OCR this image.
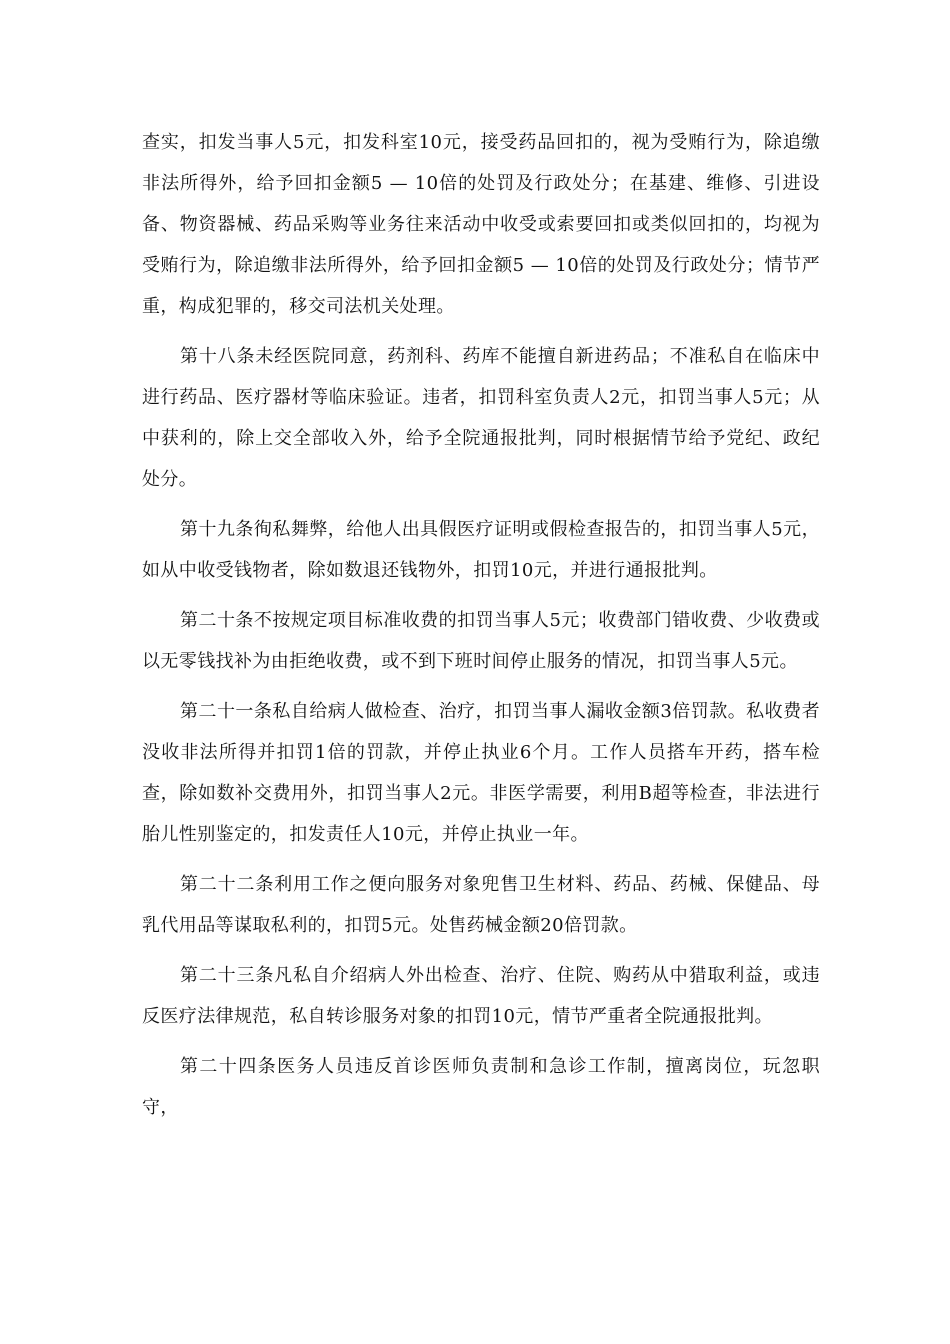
查实，扣发当事人5元，扣发科室10元，接受药品回扣的，视为受贿行为，除追缴非法所得外，给予回扣金额5 — 10倍的处罚及行政处分；在基建、维修、引进设备、物资器械、药品采购等业务往来活动中收受或索要回扣或类似回扣的，均视为受贿行为，除追缴非法所得外，给予回扣金额5 — 10倍的处罚及行政处分；情节严重，构成犯罪的，移交司法机关处理。

第十八条未经医院同意，药剂科、药库不能擅自新进药品；不准私自在临床中进行药品、医疗器材等临床验证。违者，扣罚科室负责人2元，扣罚当事人5元；从中获利的，除上交全部收入外，给予全院通报批判，同时根据情节给予党纪、政纪处分。

第十九条徇私舞弊，给他人出具假医疗证明或假检查报告的，扣罚当事人5元，如从中收受钱物者，除如数退还钱物外，扣罚10元，并进行通报批判。

第二十条不按规定项目标准收费的扣罚当事人5元；收费部门错收费、少收费或以无零钱找补为由拒绝收费，或不到下班时间停止服务的情况，扣罚当事人5元。

第二十一条私自给病人做检查、治疗，扣罚当事人漏收金额3倍罚款。私收费者没收非法所得并扣罚1倍的罚款，并停止执业6个月。工作人员搭车开药，搭车检查，除如数补交费用外，扣罚当事人2元。非医学需要，利用B超等检查，非法进行胎儿性别鉴定的，扣发责任人10元，并停止执业一年。

第二十二条利用工作之便向服务对象兜售卫生材料、药品、药械、保健品、母乳代用品等谋取私利的，扣罚5元。处售药械金额20倍罚款。

第二十三条凡私自介绍病人外出检查、治疗、住院、购药从中猎取利益，或违反医疗法律规范，私自转诊服务对象的扣罚10元，情节严重者全院通报批判。

第二十四条医务人员违反首诊医师负责制和急诊工作制，擅离岗位，玩忽职守，
